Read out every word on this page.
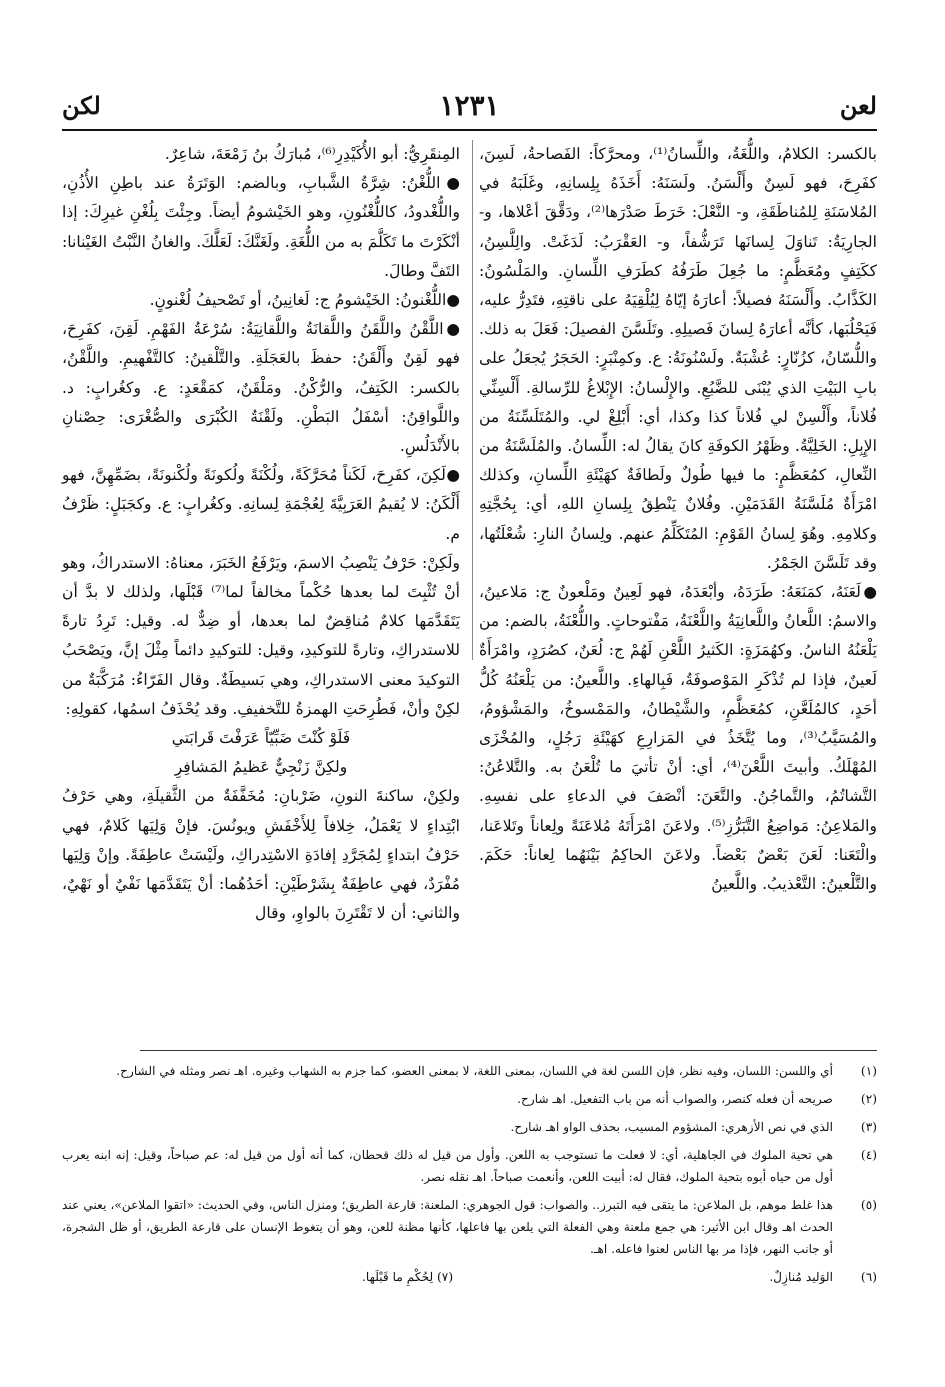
لعن
١٢٣١
لكن

بالكسر: الكلامُ، واللُّغَةُ، واللِّسانُ⁽¹⁾، ومحرَّكاً: الفَصاحةُ، لَسِنَ، كفَرِحَ، فهو لَسِنٌ وأَلْسَنُ. ولَسَنَهُ: أَخَذَهُ بِلِسانِهِ، وغَلَبَهُ في المُلاسَنَةِ لِلمُناطَقَةِ، و- النَّعْلَ: خَرَطَ صَدْرَها⁽²⁾، ودَقَّقَ أعْلاها، و- الجارِيَةُ: تَناوَلَ لِسانَها تَرَشُّفاً، و- العَقْرَبُ: لَدَغَتْ. والِلَّسِنُ، ككَتِفٍ ومُعَظَّمٍ: ما جُعِلَ طَرَفُهُ كطَرَفِ اللِّسانِ. والمَلْسُونُ: الكَذَّابُ. وأَلْسَنَهُ فصيلاً: أعارَهُ إيّاهُ لِيُلْقِيَهُ على ناقتِهِ، فتَدِرُّ عليه، فَيَحْلُبَها، كأنَّه أعارَهُ لِسانَ فَصيلِهِ. وتَلَسَّنَ الفصيلَ: فَعَلَ به ذلك. واللُّسّانُ، كزُنّارٍ: عُشْبَةٌ. ولَسْنُونَةُ: ع. وكمِنْبَرٍ: الحَجَرُ يُجعَلُ على بابِ البَيْتِ الذي يُبْنَى للضَّبُعِ. والإِلْسانُ: الإِبْلاغُ للرِّسالةِ. أَلْسِنِّي فُلاناً، وأَلْسِنْ لي فُلاناً كذا وكذا، أي: أَبْلِغْ لي. والمُتَلَسِّنَةُ من الإِبِلِ: الخَلِيَّةُ. وظَهْرُ الكوفَةِ كانَ يقالُ له: اللِّسانُ. والمُلَسَّنَةُ من النِّعالِ، كمُعَظَّمٍ: ما فيها طُولٌ ولَطافَةٌ كهَيْئَةِ اللِّسانِ، وكذلك امْرَأَةٌ مُلَسَّنَةُ القَدَمَيْنِ. وفُلانٌ يَنْطِقُ بِلِسانِ اللهِ، أي: بِحُجَّتِهِ وكلامِهِ. وهُوَ لِسانُ القَوْمِ: المُتَكَلِّمُ عنهم. ولِسانُ النارِ: شُعْلَتُها، وقد تَلَسَّنَ الجَمْرُ.

●لَعَنَهُ، كمَنَعَهُ: طَرَدَهُ، وأبْعَدَهُ، فهو لَعِينٌ ومَلْعونٌ ج: مَلاعينُ، والاسمُ: اللَّعانُ واللَّعانِيَةُ واللَّعْنَةُ، مَفْتوحاتٍ. واللُّعْنَةُ، بالضم: من يَلْعَنُهُ الناسُ. وكهُمَزَةٍ: الكَثيرُ اللَّعْنِ لَهُمْ ج: لُعَنٌ، كصُرَدٍ، وامْرَأَةٌ لَعينٌ، فإذا لم تُذْكَرِ المَوْصوفَةُ، فَبِالهاءِ. واللَّعينُ: من يَلْعَنُهُ كُلُّ أحَدٍ، كالمُلَعَّنِ، كمُعَظَّمٍ، والشَّيْطانُ، والمَمْسوخُ، والمَشْؤومُ، والمُسَيَّبُ⁽³⁾، وما يُتَّخَذُ في المَزارِعِ كهَيْئَةِ رَجُلٍ، والمُخْزَى المُهْلَكُ. وأبيتَ اللَّعْنَ⁽⁴⁾، أي: أنْ تأتيَ ما تُلْعَنُ به. والتَّلاعُنُ: التَّشاتُمُ، والتَّماجُنُ. والتَّعَنَ: أنْصَفَ في الدعاءِ على نفسِهِ. والمَلاعِنُ: مَواضِعُ التَّبَرُّزِ⁽⁵⁾. ولاعَنَ امْرَأَتَهُ مُلاعَنَةً ولِعاناً وتَلاعَنا، والْتَعَنا: لَعَنَ بَعْضٌ بَعْضاً. ولاعَنَ الحاكِمُ بَيْنَهُما لِعاناً: حَكَمَ. والتَّلْعينُ: التَّعْذيبُ. واللَّعينُ

المِنقَرِيُّ: أبو الأُكَيْدِرِ⁽⁶⁾، مُبارَكُ بنُ زَمْعَةَ، شاعِرٌ.

●اللُّغْنُ: شِرَّةُ الشَّبابِ، وبالضم: الوَتَرَةُ عند باطِنِ الأُذُنِ، واللُّغْدودُ، كاللُّغْنُونِ، وهو الخَيْشومُ أيضاً. وجِئْتَ بِلُغْنِ غيرِكَ: إذا أنْكَرْتَ ما تَكَلَّمَ به من اللُّغَةِ. ولَغَنَّكَ: لَعَلَّكَ. والغانُ النَّبْتُ الغَيْنانا: التَفَّ وطالَ.

●اللُّغْنونُ: الخَيْشومُ ج: لَغانِينُ، أو تَصْحيفُ لُغْنونٍ.

●اللَّقْنُ واللَّقَنُ واللَّقانَةُ واللَّقانِيَةُ: سُرْعَةُ الفَهْمِ. لَقِنَ، كفَرِحَ، فهو لَقِنٌ وأَلْقَنُ: حفظَ بالعَجَلَةِ. والتَّلْقينُ: كالتَّفْهيمِ. واللَّقْنُ، بالكسر: الكَتِفُ، والرُّكْنُ. ومَلْقَنٌ، كمَقْعَدٍ: ع. وكغُرابٍ: د. واللَّواقِنُ: أسْفَلُ البَطْنِ. ولَقْنَةُ الكُبْرَى والصُّغْرَى: حِصْنانِ بالأَنْدَلُسِ.

●لَكِنَ، كفَرِحَ، لَكَناً مُحَرَّكَةً، ولُكْنَةً ولُكونَةً ولُكْنونَةً، بضَمِّهِنَّ، فهو أَلْكَنُ: لا يُقيمُ العَرَبِيَّةَ لِعُجْمَةِ لِسانِهِ. وكغُرابٍ: ع. وكجَبَلٍ: ظَرْفُ م.

ولَكِنْ: حَرْفُ يَنْصِبُ الاسمَ، ويَرْفَعُ الخَبَرَ، معناهُ: الاستدراكُ، وهو أنْ تُثْبِتَ لما بعدها حُكْماً مخالفاً لما⁽⁷⁾ قَبْلَها، ولذلك لا بدَّ أن يَتَقَدَّمَها كلامٌ مُناقِضٌ لما بعدها، أو ضِدٌّ له. وقيل: تَرِدُ تارةً للاستدراكِ، وتارةً للتوكيدِ، وقيل: للتوكيدِ دائماً مِثْلَ إنَّ، ويَصْحَبُ التوكيدَ معنى الاستدراكِ، وهي بَسيطَةٌ. وقال الفَرّاءُ: مُرَكَّبَةٌ من لكِنْ وأنْ، فَطُرِحَتِ الهمزةُ للتَّخفيفِ. وقد يُحْذَفُ اسمُها، كقولِهِ:

فَلَوْ كُنْتَ ضَبِّيّاً عَرَفْتَ قَرابَتي

ولكِنَّ زَنْجِيٌّ عَظيمُ المَشافِرِ

ولكِنْ، ساكنةَ النونِ، ضَرْبانِ: مُخَفَّفَةٌ من الثَّقيلَةِ، وهي حَرْفُ ابْتِداءٍ لا يَعْمَلُ، خِلافاً لِلأَخْفَشِ ويونُسَ. فإنْ وَلِيَها كَلامٌ، فهي حَرْفُ ابتداءٍ لِمُجَرَّدِ إفادَةِ الاسْتِدراكِ، ولَيْسَتْ عاطِفَةً. وإنْ وَلِيَها مُفْرَدٌ، فهي عاطِفَةٌ بِشَرْطَيْنِ: أحَدُهُما: أنْ يَتَقَدَّمَها نَفْيٌ أو نَهْيٌ، والثاني: أن لا تَقْتَرِنَ بالواوِ، وقال

(١)
أي واللسن: اللسان، وفيه نظر، فإن اللسن لغة في اللسان، بمعنى اللغة، لا بمعنى العضو، كما جزم به الشهاب وغيره. اهـ نصر ومثله في الشارح.

(٢)
صريحه أن فعله كنصر، والصواب أنه من باب التفعيل. اهـ شارح.

(٣)
الذي في نص الأزهري: المشؤوم المسيب، بحذف الواو اهـ شارح.

(٤)
هي تحية الملوك في الجاهلية، أي: لا فعلت ما تستوجب به اللعن. وأول من قيل له ذلك قحطان، كما أنه أول من قيل له: عم صباحاً، وقيل: إنه ابنه يعرب أول من حياه أبوه بتحية الملوك، فقال له: أبيت اللعن، وأنعمت صباحاً. اهـ نقله نصر.

(٥)
هذا غلط موهم، بل الملاعن: ما يتقى فيه التبرز.. والصواب: قول الجوهري: الملعنة: قارعة الطريق؛ ومنزل الناس، وفي الحديث: «اتقوا الملاعن»، يعني عند الحدث اهـ وقال ابن الأثير: هي جمع ملعنة وهي الفعلة التي يلعن بها فاعلها، كأنها مظنة للعن، وهو أن يتغوط الإنسان على قارعة الطريق، أو ظل الشجرة، أو جانب النهر، فإذا مر بها الناس لعنوا فاعله. اهـ.

(٦)
الوَليد مُنازِلٌ.
(٧) لِحُكْمِ ما قَبْلَها.
